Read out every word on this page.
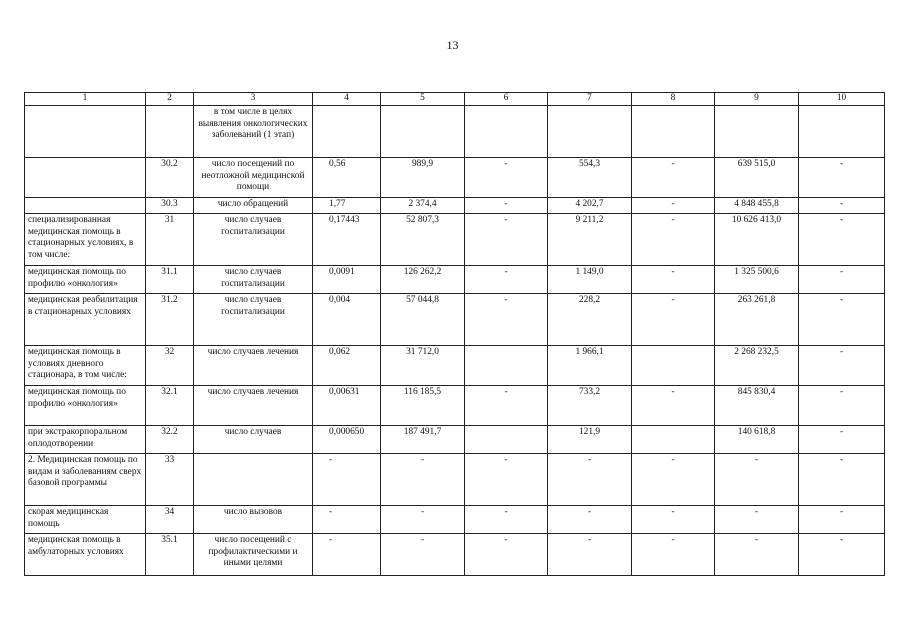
13
1	2	3	4	5	6	7	8	9	10
		в том числе в целях выявления онкологических заболеваний (1 этап)							
	30.2	число посещений по неотложной медицинской помощи	0,56	989,9	-	554,3	-	639 515,0	-
	30.3	число обращений	1,77	2 374,4	-	4 202,7	-	4 848 455,8	-
специализированная медицинская помощь в стационарных условиях, в том числе:	31	число случаев госпитализации	0,17443	52 807,3	-	9 211,2	-	10 626 413,0	-
медицинская помощь по профилю «онкология»	31.1	число случаев госпитализации	0,0091	126 262,2	-	1 149,0	-	1 325 500,6	-
медицинская реабилитация в стационарных условиях	31.2	число случаев госпитализации	0,004	57 044,8	-	228,2	-	263 261,8	-
медицинская помощь в условиях дневного стационара, в том числе:	32	число случаев лечения	0,062	31 712,0		1 966,1		2 268 232,5	-
медицинская помощь по профилю «онкология»	32.1	число случаев лечения	0,00631	116 185,5	-	733,2	-	845 830,4	-
при экстракорпоральном оплодотворении	32.2	число случаев	0,000650	187 491,7		121,9		140 618,8	-
2. Медицинская помощь по видам и заболеваниям сверх базовой программы	33		-	-	-	-	-	-	-
скорая медицинская помощь	34	число вызовов	-	-	-	-	-	-	-
медицинская помощь в амбулаторных условиях	35.1	число посещений с профилактическими и иными целями	-	-	-	-	-	-	-
